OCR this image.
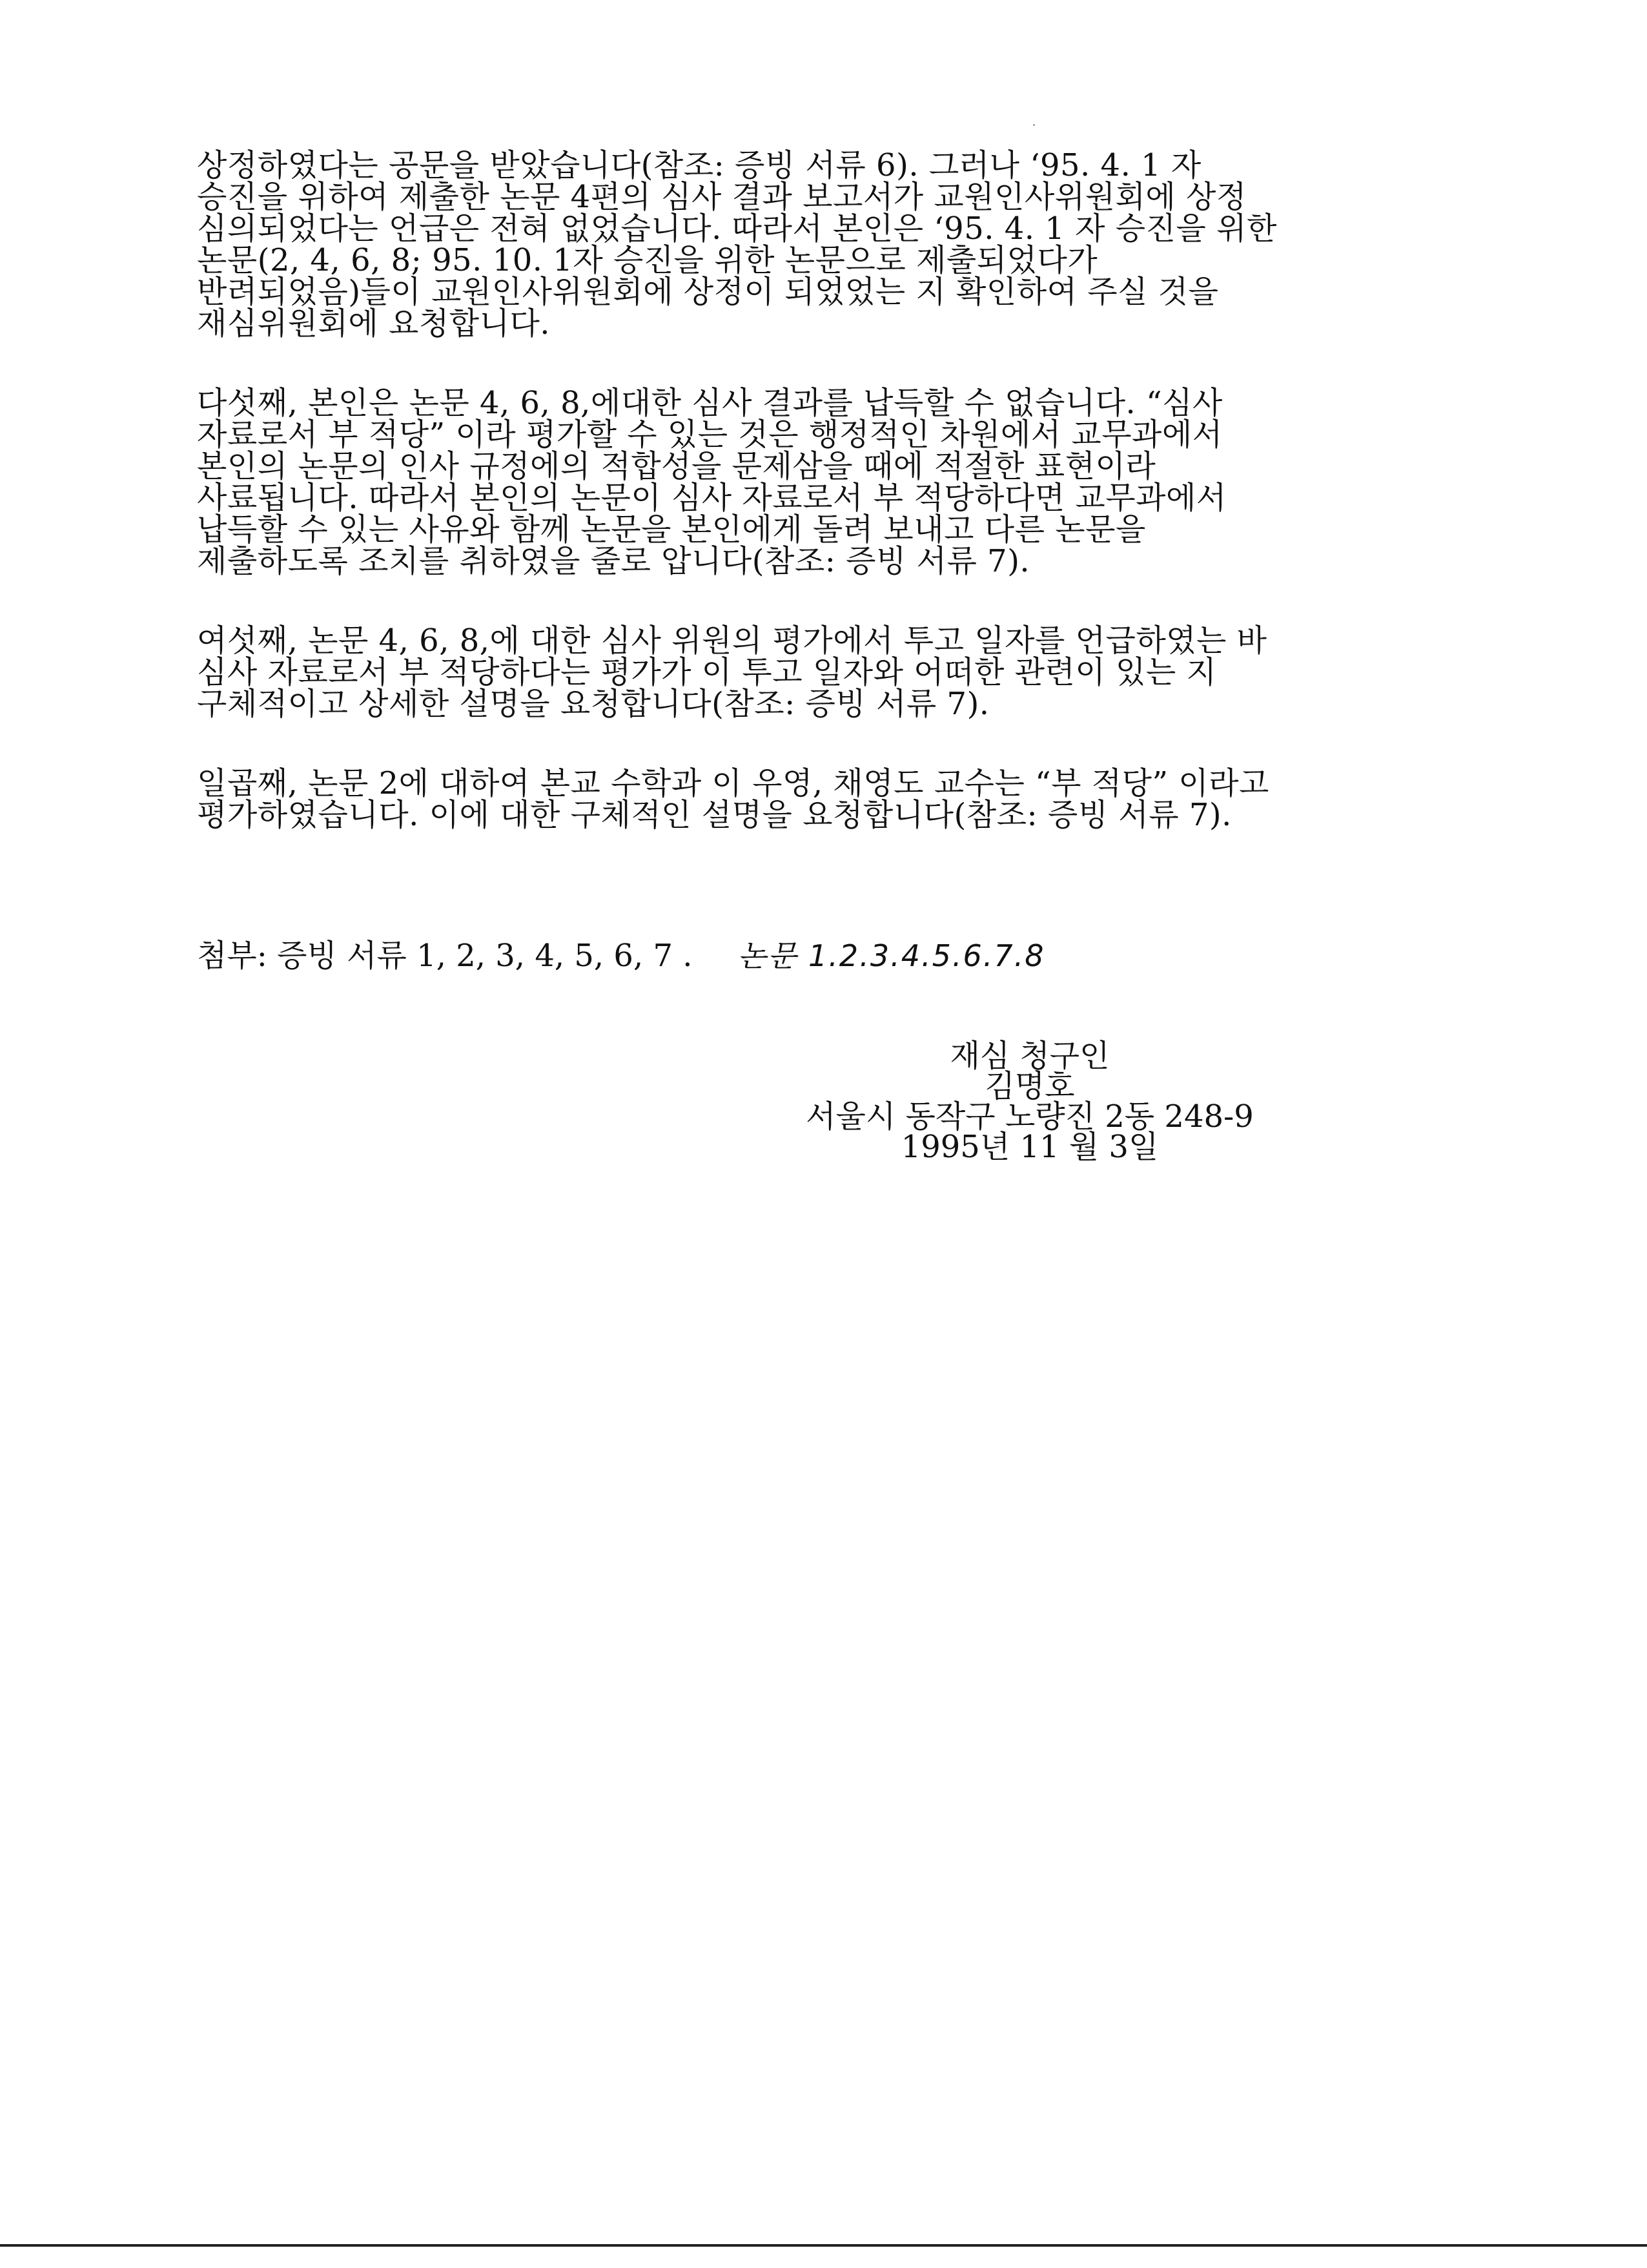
상정하였다는 공문을 받았습니다(참조: 증빙 서류 6). 그러나 ‘95. 4. 1 자
승진을 위하여 제출한 논문 4편의 심사 결과 보고서가 교원인사위원회에 상정
심의되었다는 언급은 전혀 없었습니다. 따라서 본인은 ‘95. 4. 1 자 승진을 위한
논문(2, 4, 6, 8; 95. 10. 1자 승진을 위한 논문으로 제출되었다가
반려되었음)들이 교원인사위원회에 상정이 되었었는 지 확인하여 주실 것을
재심위원회에 요청합니다.
다섯째, 본인은 논문 4, 6, 8,에대한 심사 결과를 납득할 수 없습니다. “심사
자료로서 부 적당” 이라 평가할 수 있는 것은 행정적인 차원에서 교무과에서
본인의 논문의 인사 규정에의 적합성을 문제삼을 때에 적절한 표현이라
사료됩니다. 따라서 본인의 논문이 심사 자료로서 부 적당하다면 교무과에서
납득할 수 있는 사유와 함께 논문을 본인에게 돌려 보내고 다른 논문을
제출하도록 조치를 취하였을 줄로 압니다(참조: 증빙 서류 7).
여섯째, 논문 4, 6, 8,에 대한 심사 위원의 평가에서 투고 일자를 언급하였는 바
심사 자료로서 부 적당하다는 평가가 이 투고 일자와 어떠한 관련이 있는 지
구체적이고 상세한 설명을 요청합니다(참조: 증빙 서류 7).
일곱째, 논문 2에 대하여 본교 수학과 이 우영, 채영도 교수는 “부 적당” 이라고
평가하였습니다. 이에 대한 구체적인 설명을 요청합니다(참조: 증빙 서류 7).
첨부: 증빙 서류 1, 2, 3, 4, 5, 6, 7 . 논문 1.2.3.4.5.6.7.8
재심 청구인
김명호
서울시 동작구 노량진 2동 248-9
1995년 11 월 3일
